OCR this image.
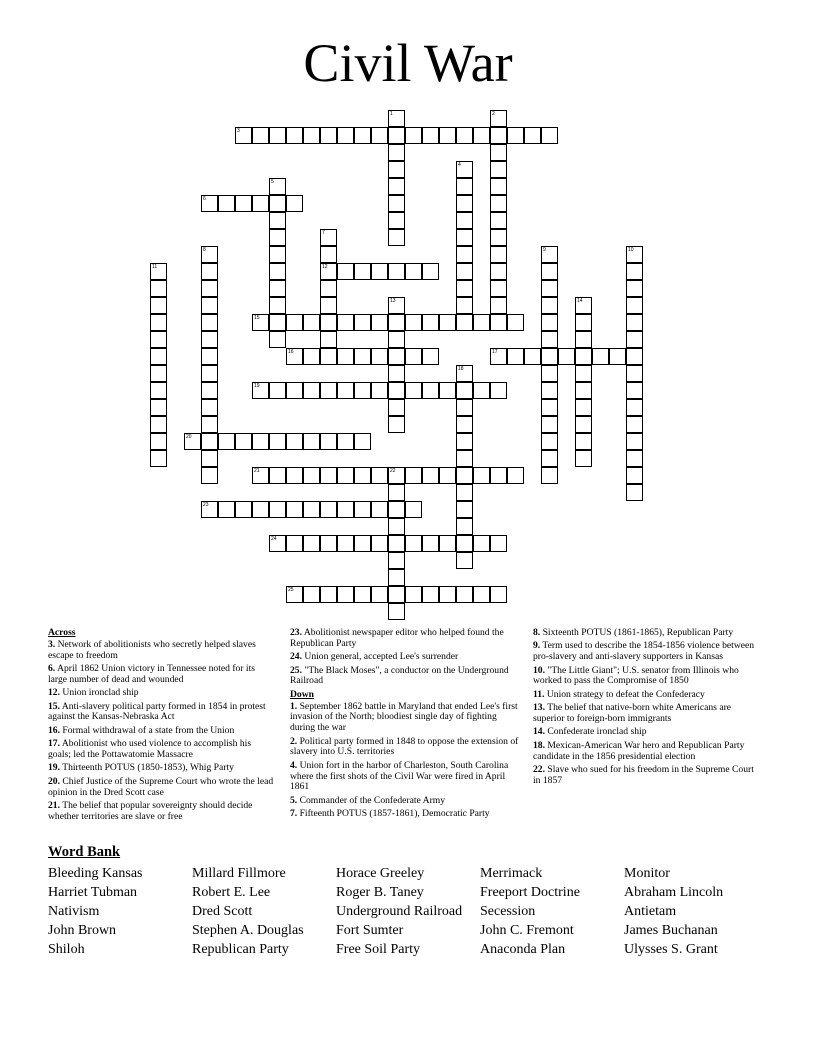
Civil War
1	2
3
4
5
6
7
12
8	9	10
11
13	14
15
16	17
18
19
20
21	22
23
24
25
Across
3. Network of abolitionists who secretly helped slaves escape to freedom
6. April 1862 Union victory in Tennessee noted for its large number of dead and wounded
12. Union ironclad ship
15. Anti-slavery political party formed in 1854 in protest against the Kansas-Nebraska Act
16. Formal withdrawal of a state from the Union
17. Abolitionist who used violence to accomplish his goals; led the Pottawatomie Massacre
19. Thirteenth POTUS (1850-1853), Whig Party
20. Chief Justice of the Supreme Court who wrote the lead opinion in the Dred Scott case
21. The belief that popular sovereignty should decide whether territories are slave or free
23. Abolitionist newspaper editor who helped found the Republican Party
24. Union general, accepted Lee's surrender
25. "The Black Moses", a conductor on the Underground Railroad
Down
1. September 1862 battle in Maryland that ended Lee's first invasion of the North; bloodiest single day of fighting during the war
2. Political party formed in 1848 to oppose the extension of slavery into U.S. territories
4. Union fort in the harbor of Charleston, South Carolina where the first shots of the Civil War were fired in April 1861
5. Commander of the Confederate Army
7. Fifteenth POTUS (1857-1861), Democratic Party
8. Sixteenth POTUS (1861-1865), Republican Party
9. Term used to describe the 1854-1856 violence between pro-slavery and anti-slavery supporters in Kansas
10. "The Little Giant"; U.S. senator from Illinois who worked to pass the Compromise of 1850
11. Union strategy to defeat the Confederacy
13. The belief that native-born white Americans are superior to foreign-born immigrants
14. Confederate ironclad ship
18. Mexican-American War hero and Republican Party candidate in the 1856 presidential election
22. Slave who sued for his freedom in the Supreme Court in 1857
Word Bank
Bleeding Kansas
Harriet Tubman
Nativism
John Brown
Shiloh
Millard Fillmore
Robert E. Lee
Dred Scott
Stephen A. Douglas
Republican Party
Horace Greeley
Roger B. Taney
Underground Railroad
Fort Sumter
Free Soil Party
Merrimack
Freeport Doctrine
Secession
John C. Fremont
Anaconda Plan
Monitor
Abraham Lincoln
Antietam
James Buchanan
Ulysses S. Grant
